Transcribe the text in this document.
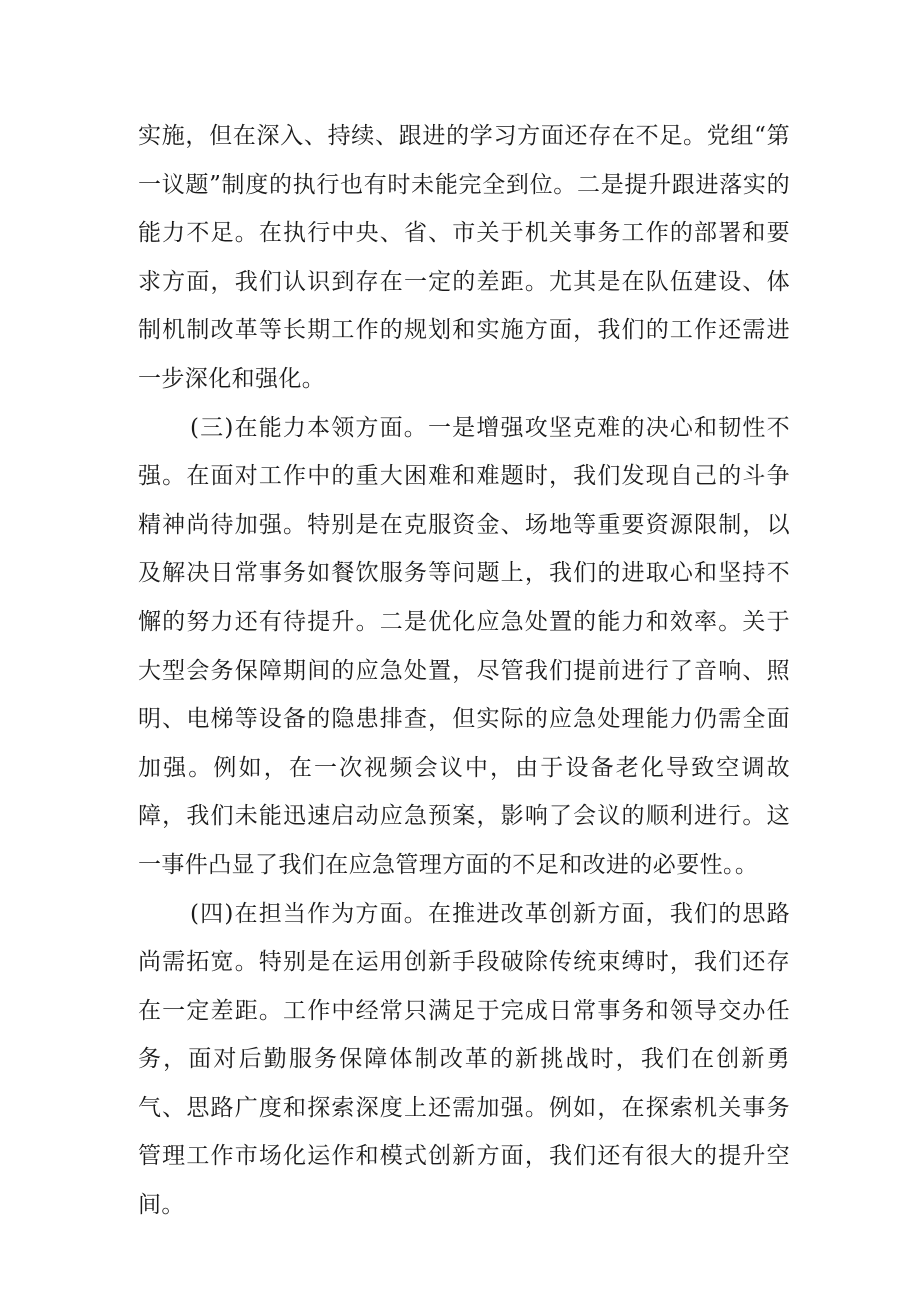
实施，但在深入、持续、跟进的学习方面还存在不足。党组“第一议题”制度的执行也有时未能完全到位。二是提升跟进落实的能力不足。在执行中央、省、市关于机关事务工作的部署和要求方面，我们认识到存在一定的差距。尤其是在队伍建设、体制机制改革等长期工作的规划和实施方面，我们的工作还需进一步深化和强化。

(三)在能力本领方面。一是增强攻坚克难的决心和韧性不强。在面对工作中的重大困难和难题时，我们发现自己的斗争精神尚待加强。特别是在克服资金、场地等重要资源限制，以及解决日常事务如餐饮服务等问题上，我们的进取心和坚持不懈的努力还有待提升。二是优化应急处置的能力和效率。关于大型会务保障期间的应急处置，尽管我们提前进行了音响、照明、电梯等设备的隐患排查，但实际的应急处理能力仍需全面加强。例如，在一次视频会议中，由于设备老化导致空调故障，我们未能迅速启动应急预案，影响了会议的顺利进行。这一事件凸显了我们在应急管理方面的不足和改进的必要性。。

(四)在担当作为方面。在推进改革创新方面，我们的思路尚需拓宽。特别是在运用创新手段破除传统束缚时，我们还存在一定差距。工作中经常只满足于完成日常事务和领导交办任务，面对后勤服务保障体制改革的新挑战时，我们在创新勇气、思路广度和探索深度上还需加强。例如，在探索机关事务管理工作市场化运作和模式创新方面，我们还有很大的提升空间。
